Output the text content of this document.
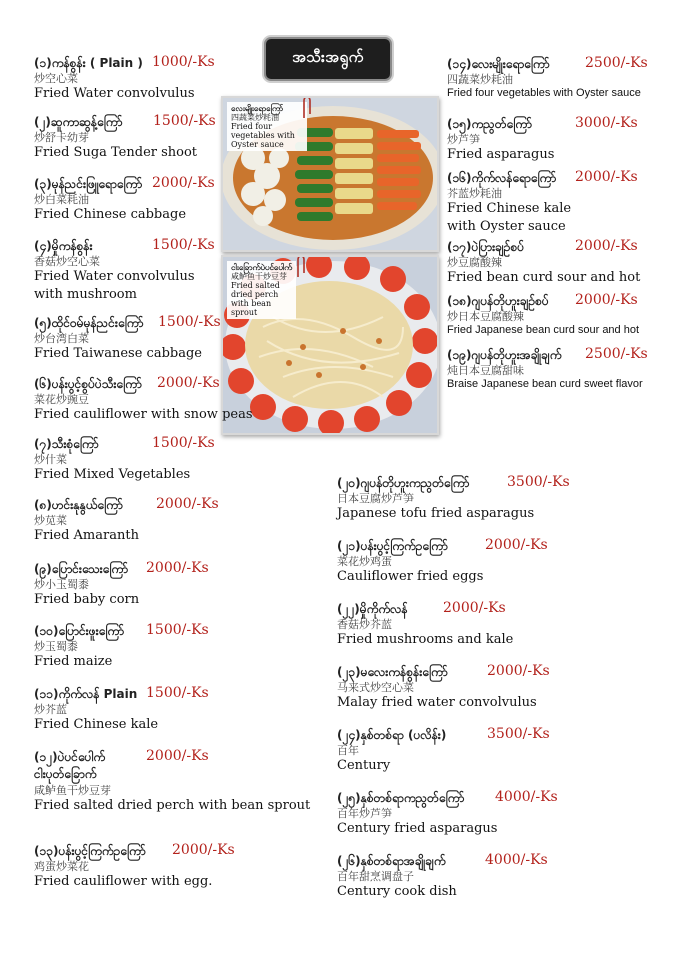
အသီးအရွက်
လေးမျိုးရောကြော်
四蔬菜炒耗油
Fried four vegetables with Oyster sauce
ငါးခြောက်ပဲပင်ပေါက်
咸鲈鱼干炒豆芽
Fried salted dried perch with bean sprout
(၁)ကန်စွန်း ( Plain ) 1000/-Ks
炒空心菜
Fried Water convolvulus
(၂)ဆူကာဆွန့်ကြော် 1500/-Ks
炒舒卡幼芽
Fried Suga Tender shoot
(၃)မုန်ညင်းဖြူရောကြော် 2000/-Ks
炒白菜耗油
Fried Chinese cabbage
(၄)မှိုကန်စွန်း	1500/-Ks
香菇炒空心菜
Fried Water convolvulus
with mushroom
(၅)ထိုင်ဝမ်မုန်ညင်းကြော် 1500/-Ks
炒台湾白菜
Fried Taiwanese cabbage
(၆)ပန်းပွင့်စွပ်ပဲသီးကြော် 2000/-Ks
菜花炒豌豆
Fried cauliflower with snow peas
(၇)သီးစုံကြော်	1500/-Ks
炒什菜
Fried Mixed Vegetables
(၈)ဟင်းနုနွယ်ကြော် 2000/-Ks
炒苋菜
Fried Amaranth
(၉)ပြောင်းသေးကြော် 2000/-Ks
炒小玉蜀黍
Fried baby corn
(၁၀)ပြောင်းဖူးကြော် 1500/-Ks
炒玉蜀黍
Fried maize
(၁၁)ကိုက်လန် Plain 1500/-Ks
炒芥蓝
Fried Chinese kale
(၁၂)ပဲပင်ပေါက်	2000/-Ks
ငါးပုတ်ခြောက်
咸鲈鱼干炒豆芽
Fried salted dried perch with bean sprout
(၁၃)ပန်းပွင့်ကြက်ဥကြော် 2000/-Ks
鸡蛋炒菜花
Fried cauliflower with egg.
(၁၄)လေးမျိုးရောကြော်	2500/-Ks
四蔬菜炒耗油
Fried four vegetables with Oyster sauce
(၁၅)ကညွတ်ကြော်	3000/-Ks
炒芦笋
Fried asparagus
(၁၆)ကိုက်လန်ရောကြော် 2000/-Ks
芥蓝炒耗油
Fried Chinese kale
with Oyster sauce
(၁၇)ပဲပြားချဉ်စပ်	2000/-Ks
炒豆腐酸辣
Fried bean curd sour and hot
(၁၈)ဂျပန်တိုဟူးချဉ်စပ် 2000/-Ks
炒日本豆腐酸辣
Fried Japanese bean curd sour and hot
(၁၉)ဂျပန်တိုဟူးအချိုချက် 2500/-Ks
炖日本豆腐甜味
Braise Japanese bean curd sweet flavor
(၂၀)ဂျပန်တိုဟူးကညွတ်ကြော်	3500/-Ks
日本豆腐炒芦笋
Japanese tofu fried asparagus
(၂၁)ပန်းပွင့်ကြက်ဥကြော်	2000/-Ks
菜花炒鸡蛋
Cauliflower fried eggs
(၂၂)မှိုကိုက်လန်	2000/-Ks
香菇炒芥蓝
Fried mushrooms and kale
(၂၃)မလေးကန်စွန်းကြော်	2000/-Ks
马来式炒空心菜
Malay fried water convolvulus
(၂၄)နှစ်တစ်ရာ (ပလိန်း)	3500/-Ks
百年
Century
(၂၅)နှစ်တစ်ရာကညွတ်ကြော် 4000/-Ks
百年炒芦笋
Century fried asparagus
(၂၆)နှစ်တစ်ရာအချိုချက်	4000/-Ks
百年甜烹调盘子
Century cook dish
